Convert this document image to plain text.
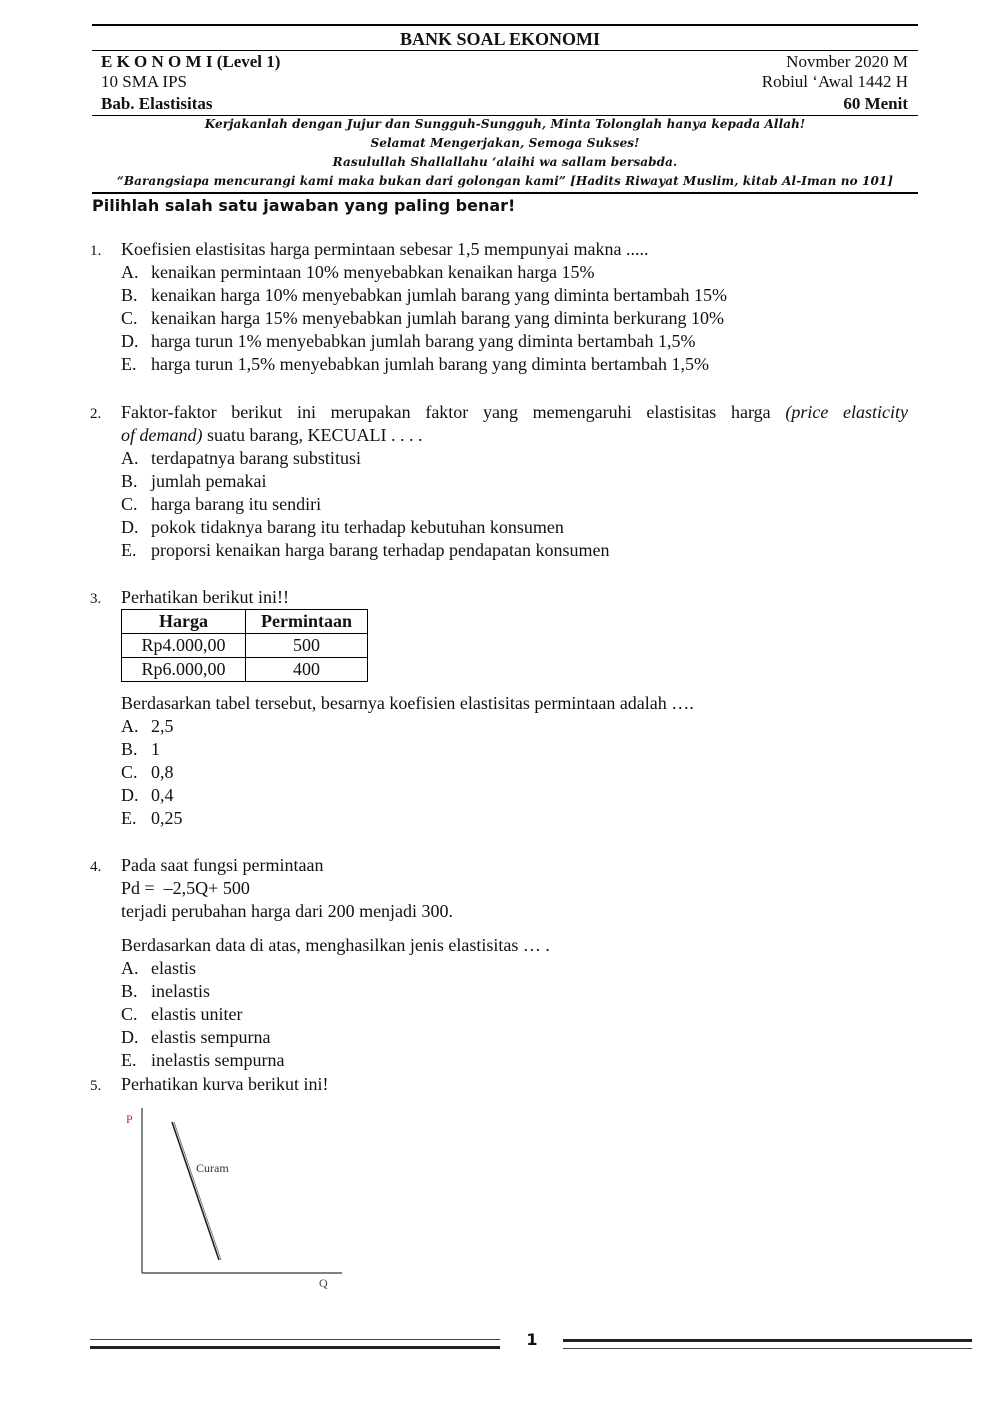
BANK SOAL EKONOMI
E K O N O M I (Level 1)	Novmber 2020 M
10 SMA IPS	Robiul ‘Awal 1442 H
Bab. Elastisitas	60 Menit
Kerjakanlah dengan Jujur dan Sungguh-Sungguh, Minta Tolonglah hanya kepada Allah!
Selamat Mengerjakan, Semoga Sukses!
Rasulullah Shallallahu ‘alaihi wa sallam bersabda.
“Barangsiapa mencurangi kami maka bukan dari golongan kami” [Hadits Riwayat Muslim, kitab Al-Iman no 101]
Pilihlah salah satu jawaban yang paling benar!
1. Koefisien elastisitas harga permintaan sebesar 1,5 mempunyai makna .....
A. kenaikan permintaan 10% menyebabkan kenaikan harga 15%
B. kenaikan harga 10% menyebabkan jumlah barang yang diminta bertambah 15%
C. kenaikan harga 15% menyebabkan jumlah barang yang diminta berkurang 10%
D. harga turun 1% menyebabkan jumlah barang yang diminta bertambah 1,5%
E. harga turun 1,5% menyebabkan jumlah barang yang diminta bertambah 1,5%
2. Faktor-faktor berikut ini merupakan faktor yang memengaruhi elastisitas harga (price elasticity
of demand) suatu barang, KECUALI . . . .
A. terdapatnya barang substitusi
B. jumlah pemakai
C. harga barang itu sendiri
D. pokok tidaknya barang itu terhadap kebutuhan konsumen
E. proporsi kenaikan harga barang terhadap pendapatan konsumen
3. Perhatikan berikut ini!!
Harga	Permintaan
Rp4.000,00	500
Rp6.000,00	400
Berdasarkan tabel tersebut, besarnya koefisien elastisitas permintaan adalah ….
A. 2,5
B. 1
C. 0,8
D. 0,4
E. 0,25
4. Pada saat fungsi permintaan
Pd =  –2,5Q+ 500
terjadi perubahan harga dari 200 menjadi 300.
Berdasarkan data di atas, menghasilkan jenis elastisitas … .
A. elastis
B. inelastis
C. elastis uniter
D. elastis sempurna
E. inelastis sempurna
5. Perhatikan kurva berikut ini!
P
Q
Curam
1
